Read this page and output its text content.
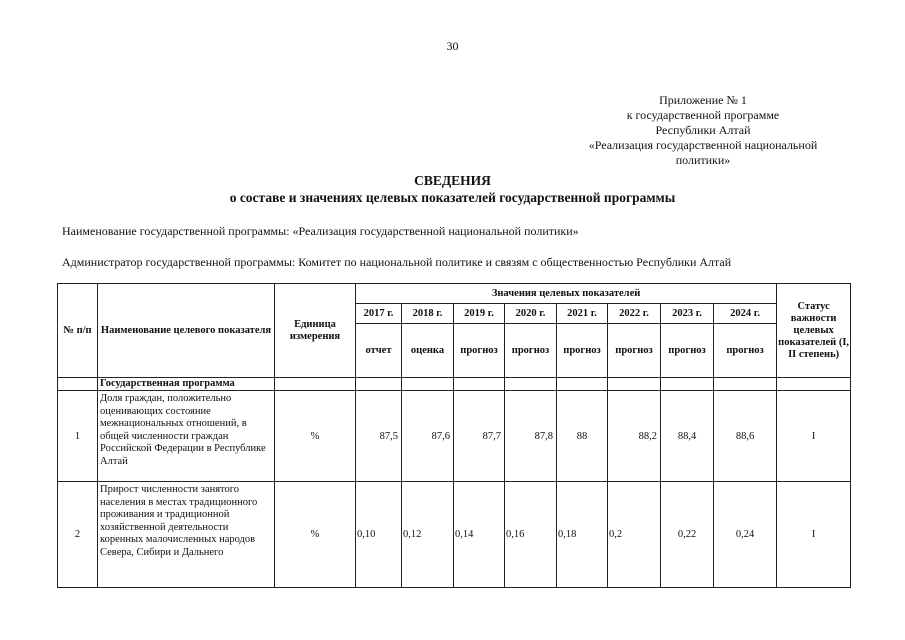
30
Приложение № 1
к государственной программе
Республики Алтай
«Реализация государственной национальной
политики»
СВЕДЕНИЯ
о составе и значениях целевых показателей государственной программы
Наименование государственной программы: «Реализация государственной национальной политики»
Администратор государственной программы: Комитет по национальной политике и связям с общественностью Республики Алтай
№ п/п	Наименование целевого показателя	Единица измерения	Значения целевых показателей								Статус важности целевых показателей (I, II степень)
			2017 г.	2018 г.	2019 г.	2020 г.	2021 г.	2022 г.	2023 г.	2024 г.	
			отчет	оценка	прогноз	прогноз	прогноз	прогноз	прогноз	прогноз	
	Государственная программа										
1	Доля граждан, положительно оценивающих состояние межнациональных отношений, в общей численности граждан Российской Федерации в Республике Алтай	%	87,5	87,6	87,7	87,8	88	88,2	88,4	88,6	I
2	Прирост численности занятого населения в местах традиционного проживания и традиционной хозяйственной деятельности коренных малочисленных народов Севера, Сибири и Дальнего	%	0,10	0,12	0,14	0,16	0,18	0,2	0,22	0,24	I
